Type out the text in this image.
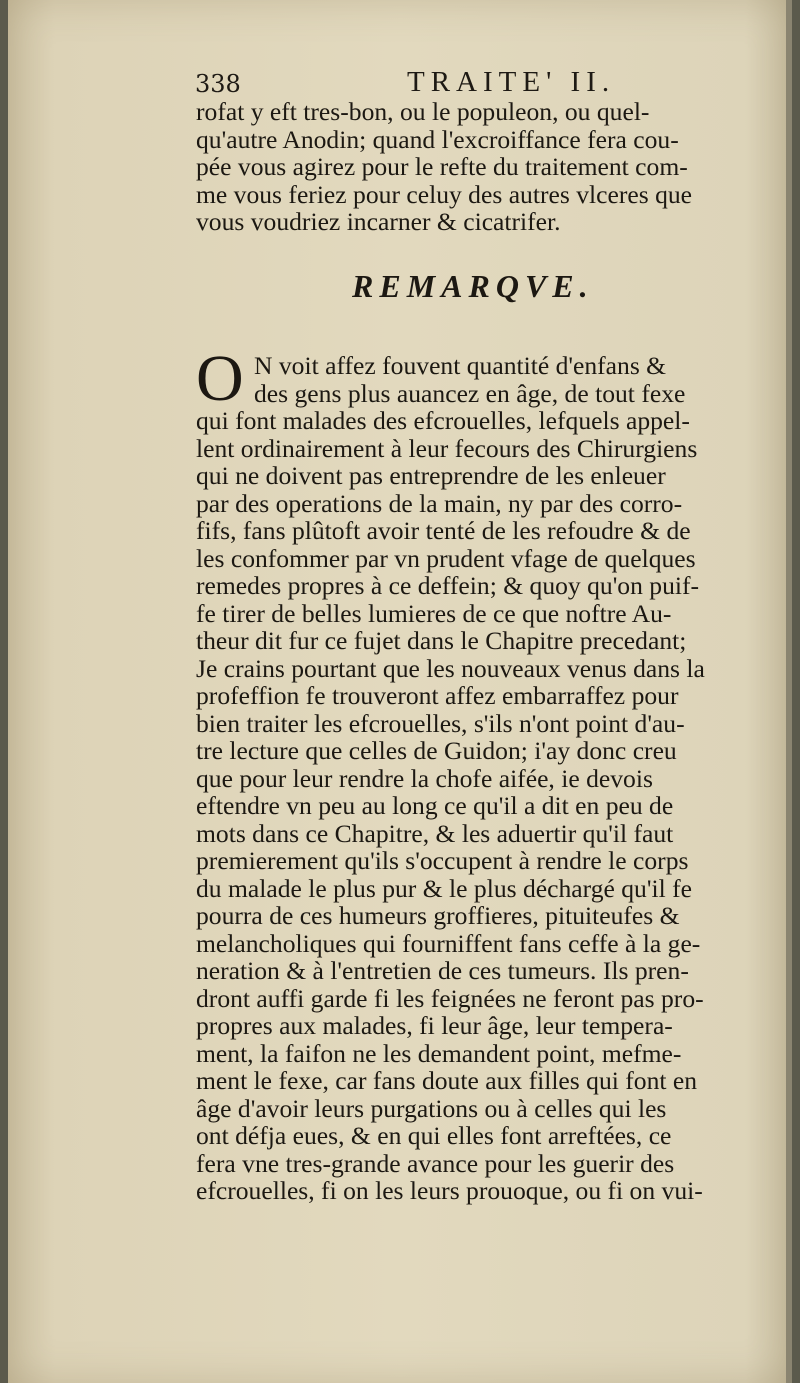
338	TRAITE' II.
rofat y eft tres-bon, ou le populeon, ou quel-
qu'autre Anodin; quand l'excroiffance fera cou-
pée vous agirez pour le refte du traitement com-
me vous feriez pour celuy des autres vlceres que
vous voudriez incarner & cicatrifer.
REMARQVE.
O N voit affez fouvent quantité d'enfans &
des gens plus auancez en âge, de tout fexe
qui font malades des efcrouelles, lefquels appel-
lent ordinairement à leur fecours des Chirurgiens
qui ne doivent pas entreprendre de les enleuer
par des operations de la main, ny par des corro-
fifs, fans plûtoft avoir tenté de les refoudre & de
les confommer par vn prudent vfage de quelques
remedes propres à ce deffein; & quoy qu'on puif-
fe tirer de belles lumieres de ce que noftre Au-
theur dit fur ce fujet dans le Chapitre precedant;
Je crains pourtant que les nouveaux venus dans la
profeffion fe trouveront affez embarraffez pour
bien traiter les efcrouelles, s'ils n'ont point d'au-
tre lecture que celles de Guidon; i'ay donc creu
que pour leur rendre la chofe aifée, ie devois
eftendre vn peu au long ce qu'il a dit en peu de
mots dans ce Chapitre, & les aduertir qu'il faut
premierement qu'ils s'occupent à rendre le corps
du malade le plus pur & le plus déchargé qu'il fe
pourra de ces humeurs groffieres, pituiteufes &
melancholiques qui fourniffent fans ceffe à la ge-
neration & à l'entretien de ces tumeurs. Ils pren-
dront auffi garde fi les feignées ne feront pas pro-
propres aux malades, fi leur âge, leur tempera-
ment, la faifon ne les demandent point, mefme-
ment le fexe, car fans doute aux filles qui font en
âge d'avoir leurs purgations ou à celles qui les
ont défja eues, & en qui elles font arreftées, ce
fera vne tres-grande avance pour les guerir des
efcrouelles, fi on les leurs prouoque, ou fi on vui-
